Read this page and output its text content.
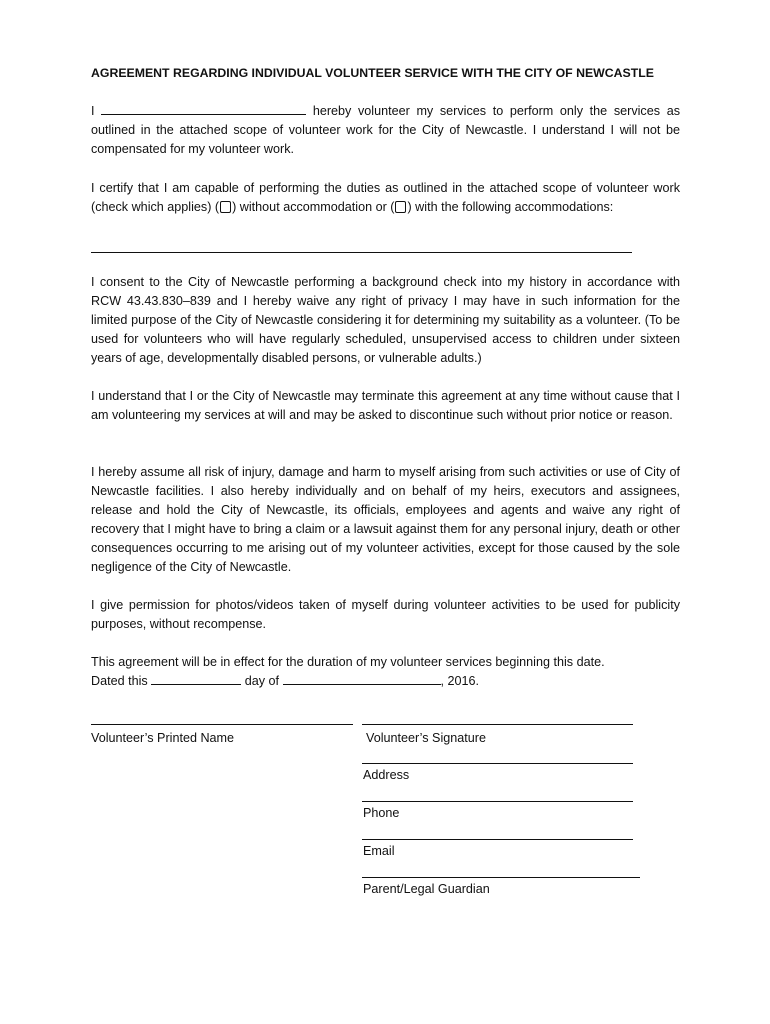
AGREEMENT REGARDING INDIVIDUAL VOLUNTEER SERVICE WITH THE CITY OF NEWCASTLE

I	hereby volunteer my services to perform only the services as outlined in the attached scope of volunteer work for the City of Newcastle. I understand I will not be compensated for my volunteer work.

I certify that I am capable of performing the duties as outlined in the attached scope of volunteer work (check which applies) ( ) without accommodation or ( ) with the following accommodations:

I consent to the City of Newcastle performing a background check into my history in accordance with RCW 43.43.830–839 and I hereby waive any right of privacy I may have in such information for the limited purpose of the City of Newcastle considering it for determining my suitability as a volunteer. (To be used for volunteers who will have regularly scheduled, unsupervised access to children under sixteen years of age, developmentally disabled persons, or vulnerable adults.)

I understand that I or the City of Newcastle may terminate this agreement at any time without cause that I am volunteering my services at will and may be asked to discontinue such without prior notice or reason.

I hereby assume all risk of injury, damage and harm to myself arising from such activities or use of City of Newcastle facilities. I also hereby individually and on behalf of my heirs, executors and assignees, release and hold the City of Newcastle, its officials, employees and agents and waive any right of recovery that I might have to bring a claim or a lawsuit against them for any personal injury, death or other consequences occurring to me arising out of my volunteer activities, except for those caused by the sole negligence of the City of Newcastle.

I give permission for photos/videos taken of myself during volunteer activities to be used for publicity purposes, without recompense.

This agreement will be in effect for the duration of my volunteer services beginning this date.
Dated this	day of	, 2016.

Volunteer’s Printed Name	Volunteer’s Signature
Address
Phone
Email
Parent/Legal Guardian
